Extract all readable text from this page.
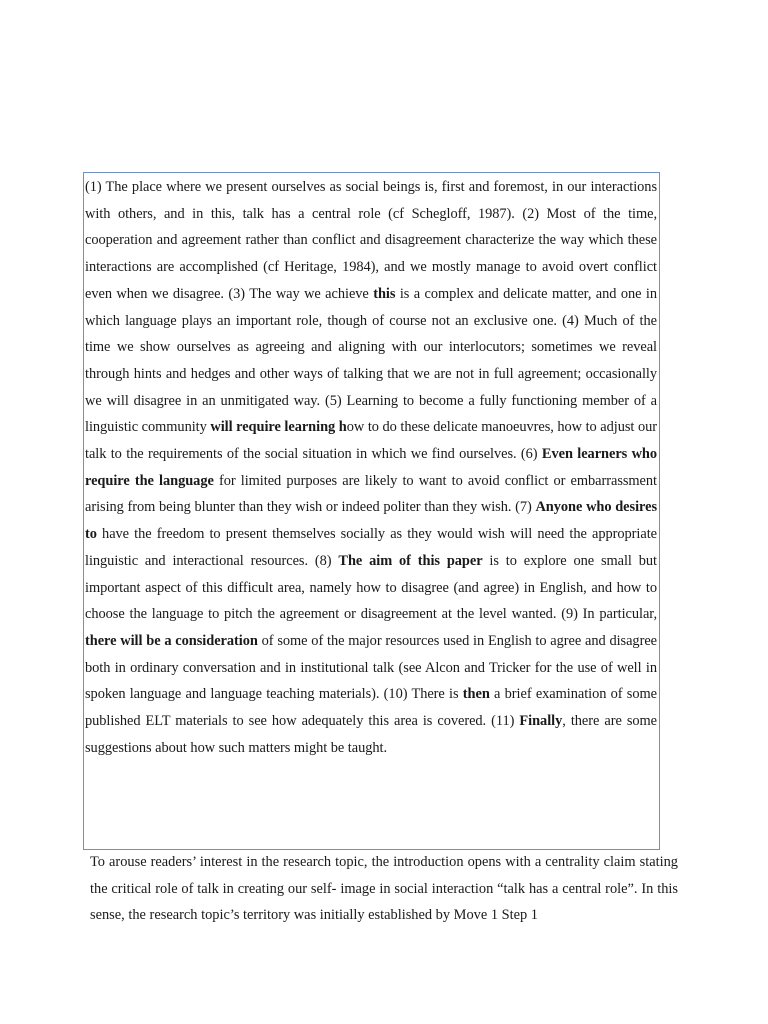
(1) The place where we present ourselves as social beings is, first and foremost, in our interactions with others, and in this, talk has a central role (cf Schegloff, 1987). (2) Most of the time, cooperation and agreement rather than conflict and disagreement characterize the way which these interactions are accomplished (cf Heritage, 1984), and we mostly manage to avoid overt conflict even when we disagree. (3) The way we achieve this is a complex and delicate matter, and one in which language plays an important role, though of course not an exclusive one. (4) Much of the time we show ourselves as agreeing and aligning with our interlocutors; sometimes we reveal through hints and hedges and other ways of talking that we are not in full agreement; occasionally we will disagree in an unmitigated way. (5) Learning to become a fully functioning member of a linguistic community will require learning how to do these delicate manoeuvres, how to adjust our talk to the requirements of the social situation in which we find ourselves. (6) Even learners who require the language for limited purposes are likely to want to avoid conflict or embarrassment arising from being blunter than they wish or indeed politer than they wish. (7) Anyone who desires to have the freedom to present themselves socially as they would wish will need the appropriate linguistic and interactional resources. (8) The aim of this paper is to explore one small but important aspect of this difficult area, namely how to disagree (and agree) in English, and how to choose the language to pitch the agreement or disagreement at the level wanted. (9) In particular, there will be a consideration of some of the major resources used in English to agree and disagree both in ordinary conversation and in institutional talk (see Alcon and Tricker for the use of well in spoken language and language teaching materials). (10) There is then a brief examination of some published ELT materials to see how adequately this area is covered. (11) Finally, there are some suggestions about how such matters might be taught.

To arouse readers’ interest in the research topic, the introduction opens with a centrality claim stating the critical role of talk in creating our self- image in social interaction “talk has a central role”. In this sense, the research topic’s territory was initially established by Move 1 Step 1
